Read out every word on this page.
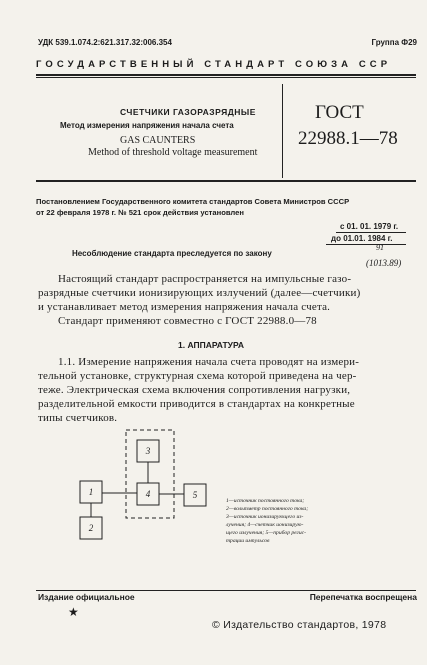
УДК 539.1.074.2:621.317.32:006.354	Группа Ф29
ГОСУДАРСТВЕННЫЙ СТАНДАРТ СОЮЗА ССР
СЧЕТЧИКИ ГАЗОРАЗРЯДНЫЕ
Метод измерения напряжения начала счета
GAS CAUNTERS
Method of threshold voltage measurement
ГОСТ
22988.1—78
Постановлением Государственного комитета стандартов Совета Министров СССР
от 22 февраля 1978 г. № 521 срок действия установлен
с 01. 01. 1979 г.
до 01.01. 1984 г.
91
(1013.89)
Несоблюдение стандарта преследуется по закону
Настоящий стандарт распространяется на импульсные газо-
разрядные счетчики ионизирующих излучений (далее—счетчики)
и устанавливает метод измерения напряжения начала счета.
Стандарт применяют совместно с ГОСТ 22988.0—78
1. АППАРАТУРА
1.1. Измерение напряжения начала счета проводят на измери-
тельной установке, структурная схема которой приведена на чер-
теже. Электрическая схема включения сопротивления нагрузки,
разделительной емкости приводится в стандартах на конкретные
типы счетчиков.
1
2
3
4	5
1—источник постоянного тока;
2—вольтметр постоянного тока;
3—источник ионизирующего из-
лучения; 4—счетчик ионизирую-
щего излучения; 5—прибор регис-
трации импульсов
Издание официальное	Перепечатка воспрещена
★
© Издательство стандартов, 1978
